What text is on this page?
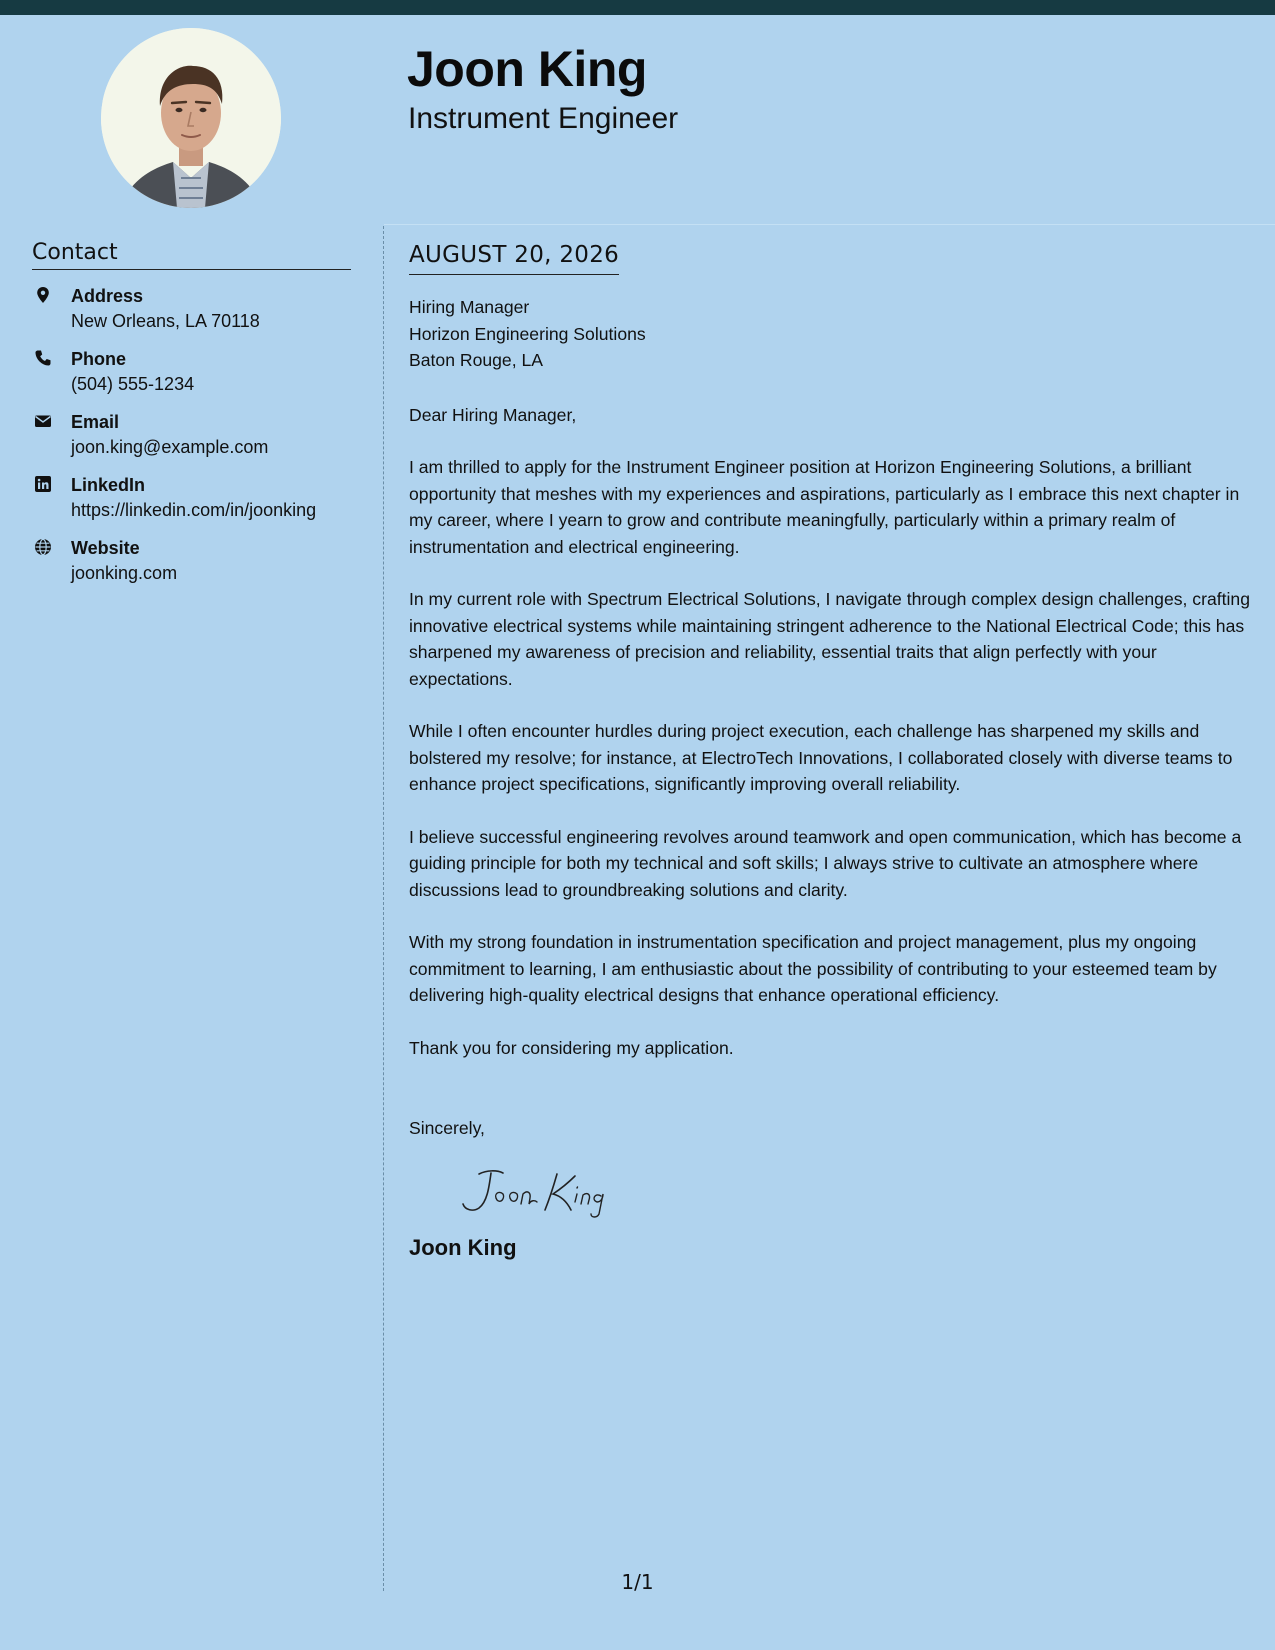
Joon King
Instrument Engineer
Contact
Address
New Orleans, LA 70118
Phone
(504) 555-1234
Email
joon.king@example.com
LinkedIn
https://linkedin.com/in/joonking
Website
joonking.com
AUGUST 20, 2026
Hiring Manager
Horizon Engineering Solutions
Baton Rouge, LA
Dear Hiring Manager,
I am thrilled to apply for the Instrument Engineer position at Horizon Engineering Solutions, a brilliant opportunity that meshes with my experiences and aspirations, particularly as I embrace this next chapter in my career, where I yearn to grow and contribute meaningfully, particularly within a primary realm of instrumentation and electrical engineering.
In my current role with Spectrum Electrical Solutions, I navigate through complex design challenges, crafting innovative electrical systems while maintaining stringent adherence to the National Electrical Code; this has sharpened my awareness of precision and reliability, essential traits that align perfectly with your expectations.
While I often encounter hurdles during project execution, each challenge has sharpened my skills and bolstered my resolve; for instance, at ElectroTech Innovations, I collaborated closely with diverse teams to enhance project specifications, significantly improving overall reliability.
I believe successful engineering revolves around teamwork and open communication, which has become a guiding principle for both my technical and soft skills; I always strive to cultivate an atmosphere where discussions lead to groundbreaking solutions and clarity.
With my strong foundation in instrumentation specification and project management, plus my ongoing commitment to learning, I am enthusiastic about the possibility of contributing to your esteemed team by delivering high-quality electrical designs that enhance operational efficiency.
Thank you for considering my application.
Sincerely,
Joon King
1/1
